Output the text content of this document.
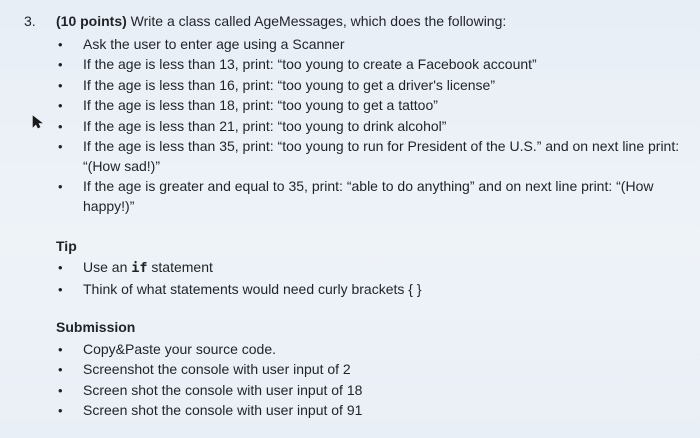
3. (10 points) Write a class called AgeMessages, which does the following:
• Ask the user to enter age using a Scanner
• If the age is less than 13, print: “too young to create a Facebook account”
• If the age is less than 16, print: “too young to get a driver's license”
• If the age is less than 18, print: “too young to get a tattoo”
• If the age is less than 21, print: “too young to drink alcohol”
• If the age is less than 35, print: “too young to run for President of the U.S.” and on next line print: “(How sad!)”
• If the age is greater and equal to 35, print: “able to do anything” and on next line print: “(How happy!)”
Tip
• Use an if statement
• Think of what statements would need curly brackets { }
Submission
• Copy&Paste your source code.
• Screenshot the console with user input of 2
• Screen shot the console with user input of 18
• Screen shot the console with user input of 91
